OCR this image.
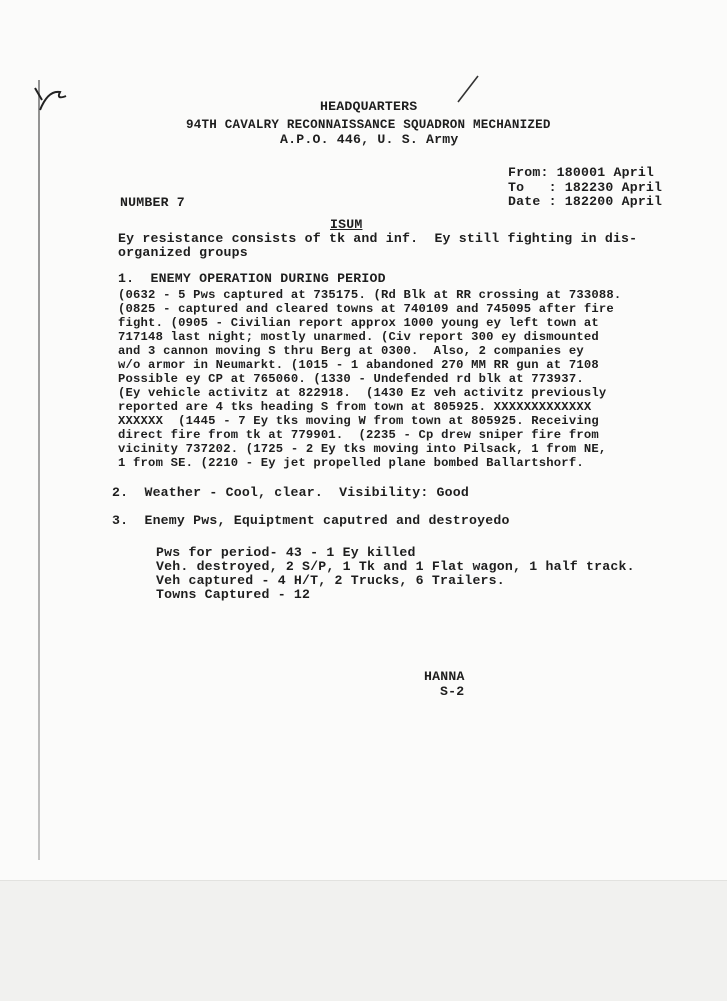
HEADQUARTERS
94TH CAVALRY RECONNAISSANCE SQUADRON MECHANIZED
A.P.O. 446, U. S. Army
From: 180001 April
To   : 182230 April
Date : 182200 April
NUMBER 7
ISUM
Ey resistance consists of tk and inf.  Ey still fighting in dis-
organized groups
1.  ENEMY OPERATION DURING PERIOD
(0632 - 5 Pws captured at 735175. (Rd Blk at RR crossing at 733088.
(0825 - captured and cleared towns at 740109 and 745095 after fire
fight. (0905 - Civilian report approx 1000 young ey left town at
717148 last night; mostly unarmed. (Civ report 300 ey dismounted
and 3 cannon moving S thru Berg at 0300.  Also, 2 companies ey
w/o armor in Neumarkt. (1015 - 1 abandoned 270 MM RR gun at 7108
Possible ey CP at 765060. (1330 - Undefended rd blk at 773937.
(Ey vehicle activitz at 822918.  (1430 Ez veh activitz previously
reported are 4 tks heading S from town at 805925. XXXXXXXXXXXXX
XXXXXX  (1445 - 7 Ey tks moving W from town at 805925. Receiving
direct fire from tk at 779901.  (2235 - Cp drew sniper fire from
vicinity 737202. (1725 - 2 Ey tks moving into Pilsack, 1 from NE,
1 from SE. (2210 - Ey jet propelled plane bombed Ballartshorf.
2.  Weather - Cool, clear.  Visibility: Good
3.  Enemy Pws, Equiptment caputred and destroyedo
Pws for period- 43 - 1 Ey killed
Veh. destroyed, 2 S/P, 1 Tk and 1 Flat wagon, 1 half track.
Veh captured - 4 H/T, 2 Trucks, 6 Trailers.
Towns Captured - 12
HANNA
S-2
